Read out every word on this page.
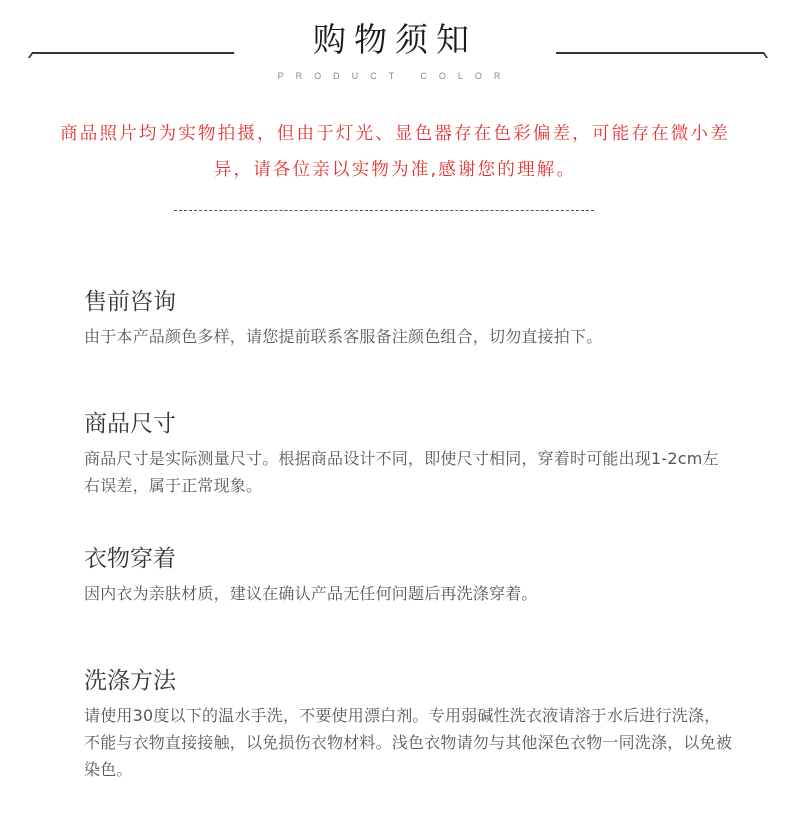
购物须知
PRODUCT COLOR
商品照片均为实物拍摄，但由于灯光、显色器存在色彩偏差，可能存在微小差异，请各位亲以实物为准,感谢您的理解。
售前咨询

由于本产品颜色多样，请您提前联系客服备注颜色组合，切勿直接拍下。

商品尺寸

商品尺寸是实际测量尺寸。根据商品设计不同，即使尺寸相同，穿着时可能出现1-2cm左右误差，属于正常现象。

衣物穿着

因内衣为亲肤材质，建议在确认产品无任何问题后再洗涤穿着。

洗涤方法

请使用30度以下的温水手洗，不要使用漂白剂。专用弱碱性洗衣液请溶于水后进行洗涤，不能与衣物直接接触，以免损伤衣物材料。浅色衣物请勿与其他深色衣物一同洗涤，以免被染色。
